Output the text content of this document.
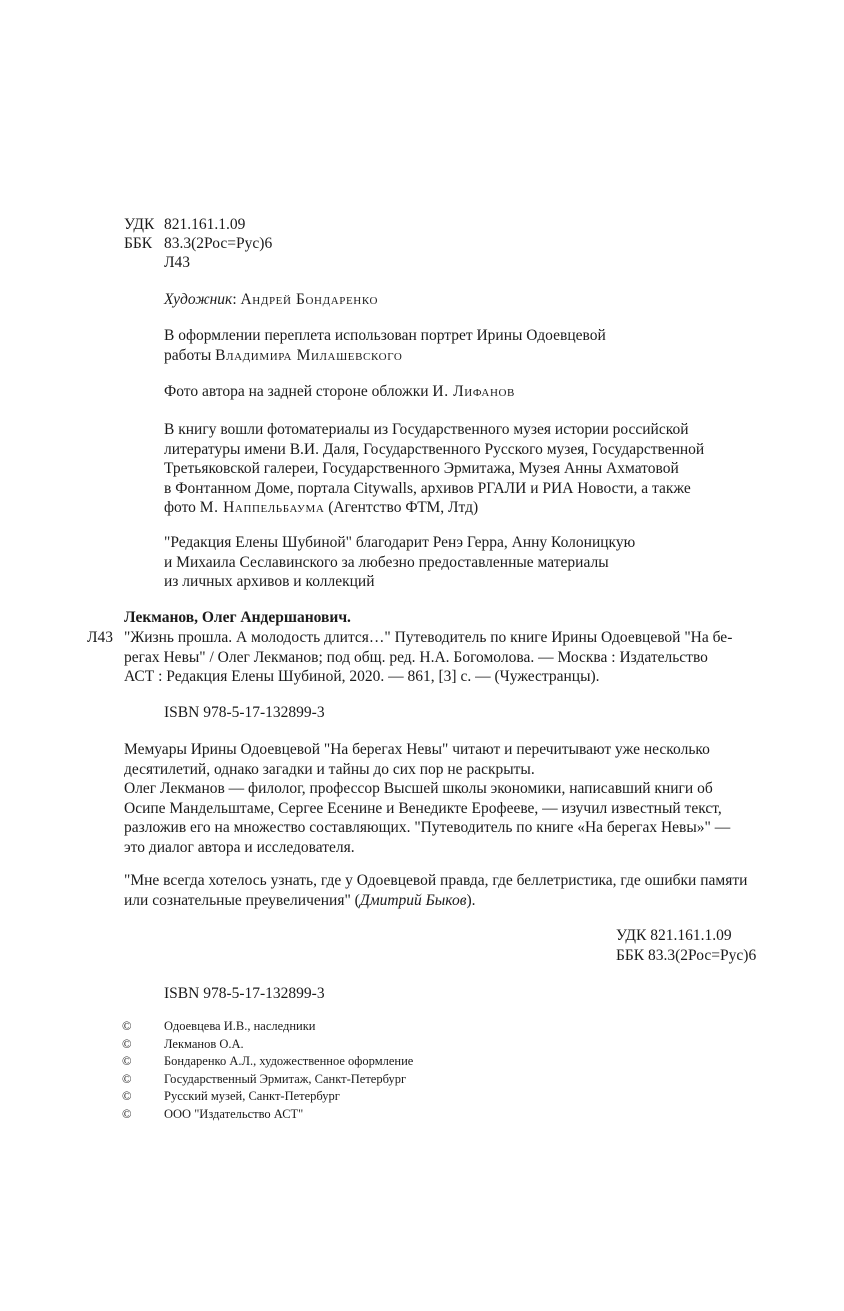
УДК 821.161.1.09
ББК 83.3(2Рос=Рус)6
Л43
Художник: Андрей Бондаренко
В оформлении переплета использован портрет Ирины Одоевцевой
работы Владимира Милашевского
Фото автора на задней стороне обложки И. Лифанов
В книгу вошли фотоматериалы из Государственного музея истории российской
литературы имени В.И. Даля, Государственного Русского музея, Государственной
Третьяковской галереи, Государственного Эрмитажа, Музея Анны Ахматовой
в Фонтанном Доме, портала Citywalls, архивов РГАЛИ и РИА Новости, а также
фото М. Наппельбаума (Агентство ФТМ, Лтд)
"Редакция Елены Шубиной" благодарит Ренэ Герра, Анну Колоницкую
и Михаила Сеславинского за любезно предоставленные материалы
из личных архивов и коллекций
Лекманов, Олег Андершанович.
Л43 "Жизнь прошла. А молодость длится…" Путеводитель по книге Ирины Одоевцевой "На бе-
регах Невы" / Олег Лекманов; под общ. ред. Н.А. Богомолова. — Москва : Издательство
АСТ : Редакция Елены Шубиной, 2020. — 861, [3] с. — (Чужестранцы).
ISBN 978-5-17-132899-3
Мемуары Ирины Одоевцевой "На берегах Невы" читают и перечитывают уже несколько
десятилетий, однако загадки и тайны до сих пор не раскрыты.
Олег Лекманов — филолог, профессор Высшей школы экономики, написавший книги об
Осипе Мандельштаме, Сергее Есенине и Венедикте Ерофееве, — изучил известный текст,
разложив его на множество составляющих. "Путеводитель по книге «На берегах Невы»" —
это диалог автора и исследователя.
"Мне всегда хотелось узнать, где у Одоевцевой правда, где беллетристика, где ошибки памяти
или сознательные преувеличения" (Дмитрий Быков).
УДК 821.161.1.09
ББК 83.3(2Рос=Рус)6
ISBN 978-5-17-132899-3
©	Одоевцева И.В., наследники
©	Лекманов О.А.
©	Бондаренко А.Л., художественное оформление
©	Государственный Эрмитаж, Санкт-Петербург
©	Русский музей, Санкт-Петербург
©	ООО "Издательство АСТ"
